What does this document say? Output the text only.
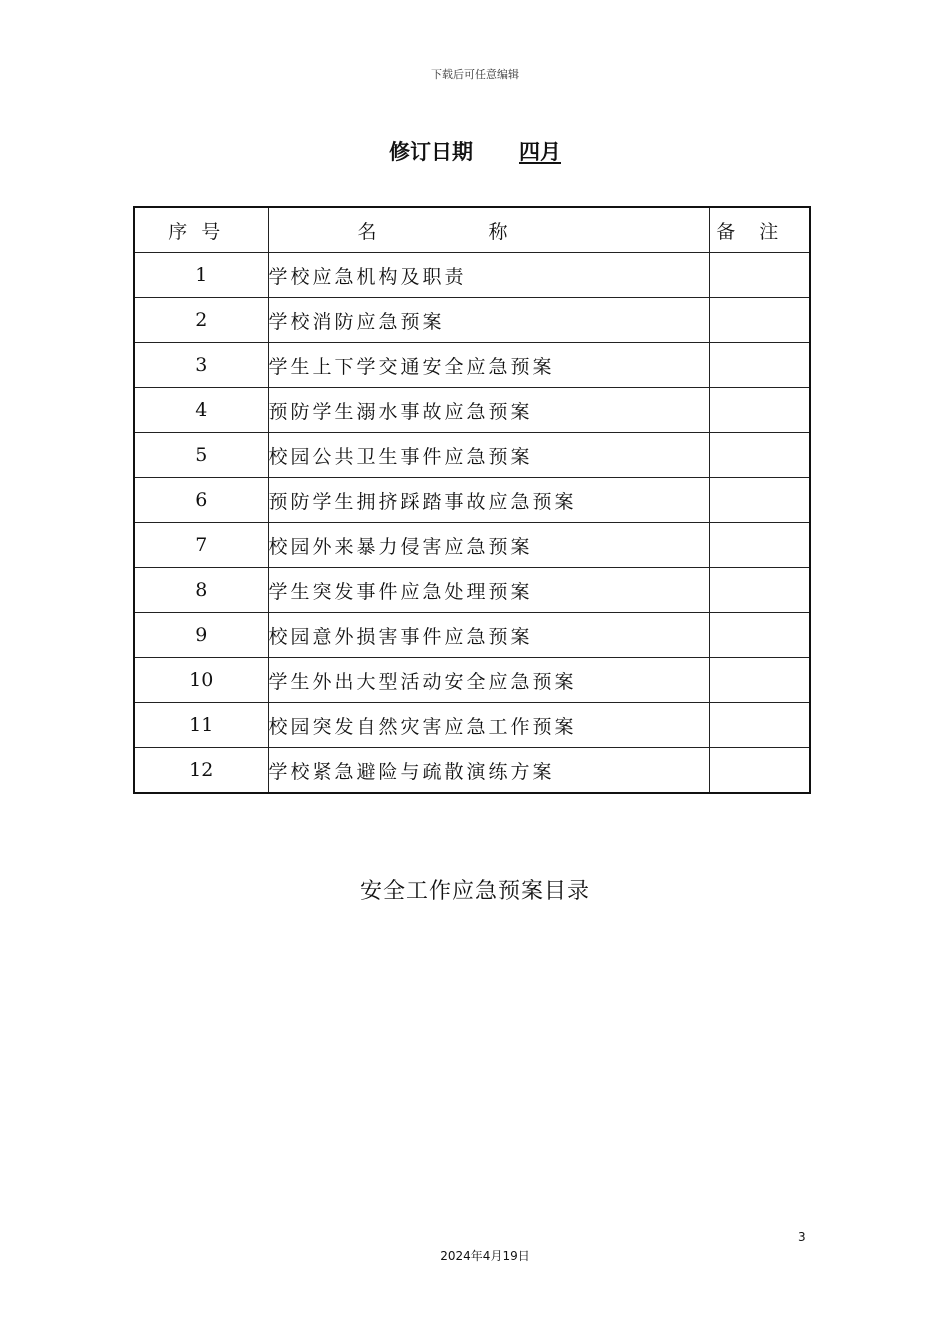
下载后可任意编辑
修订日期 四月
序号	名称	备注
1	学校应急机构及职责	
2	学校消防应急预案	
3	学生上下学交通安全应急预案	
4	预防学生溺水事故应急预案	
5	校园公共卫生事件应急预案	
6	预防学生拥挤踩踏事故应急预案	
7	校园外来暴力侵害应急预案	
8	学生突发事件应急处理预案	
9	校园意外损害事件应急预案	
10	学生外出大型活动安全应急预案	
11	校园突发自然灾害应急工作预案	
12	学校紧急避险与疏散演练方案	
安全工作应急预案目录
3
2024年4月19日
